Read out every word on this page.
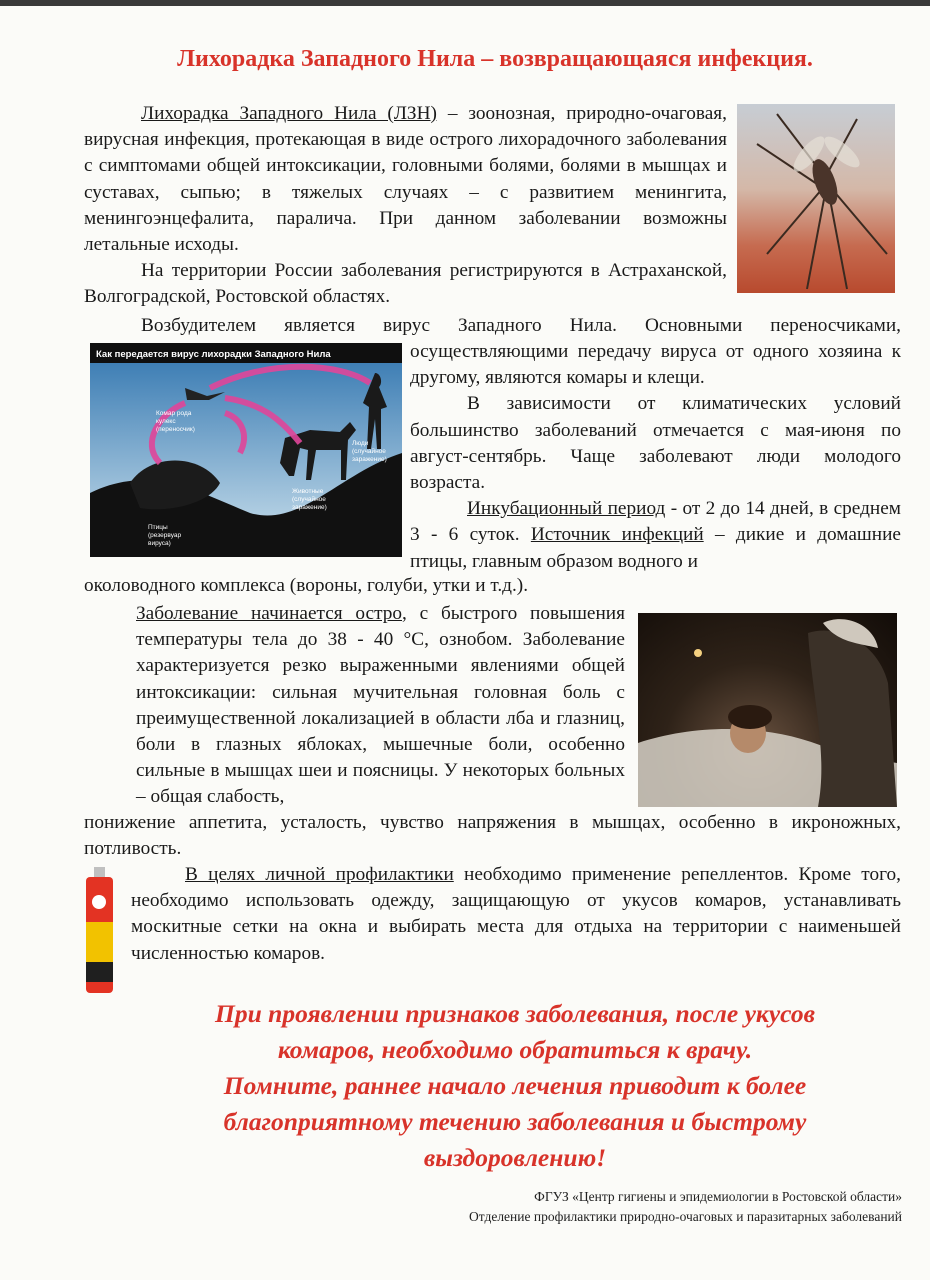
Лихорадка Западного Нила – возвращающаяся инфекция.
Как передается вирус лихорадки Западного Нила
Комар рода
кулекс
(переносчик)
Люди
(случайное
заражение)
Животные
(случайное
заражение)
Птицы
(резервуар
вируса)

Лихорадка Западного Нила (ЛЗН) – зоонозная, природно-очаговая, вирусная инфекция, протекающая в виде острого лихорадочного заболевания с симптомами общей интоксикации, головными болями, болями в мышцах и суставах, сыпью; в тяжелых случаях – с развитием менингита, менингоэнцефалита, паралича. При данном заболевании возможны летальные исходы.

На территории России заболевания регистрируются в Астраханской, Волгоградской, Ростовской областях.

Возбудителем является вирус Западного Нила. Основными переносчиками,

осуществляющими передачу вируса от одного хозяина к другому, являются комары и клещи.

В зависимости от климатических условий большинство заболеваний отмечается с мая-июня по август-сентябрь. Чаще заболевают люди молодого возраста.

Инкубационный период - от 2 до 14 дней, в среднем 3 - 6 суток. Источник инфекций – дикие и домашние птицы, главным образом водного и

околоводного комплекса (вороны, голуби, утки и т.д.).

Заболевание начинается остро, с быстрого повышения температуры тела до 38 - 40 °С, ознобом. Заболевание характеризуется резко выраженными явлениями общей интоксикации: сильная мучительная головная боль с преимущественной локализацией в области лба и глазниц, боли в глазных яблоках, мышечные боли, особенно сильные в мышцах шеи и поясницы. У некоторых больных – общая слабость,

понижение аппетита, усталость, чувство напряжения в мышцах, особенно в икроножных, потливость.

В целях личной профилактики необходимо применение репеллентов. Кроме того, необходимо использовать одежду, защищающую от укусов комаров, устанавливать москитные сетки на окна и выбирать места для отдыха на территории с наименьшей численностью комаров.

При проявлении признаков заболевания, после укусов
комаров, необходимо обратиться к врачу.
Помните, раннее начало лечения приводит к более
благоприятному течению заболевания и быстрому
выздоровлению!
ФГУЗ «Центр гигиены и эпидемиологии в Ростовской области»
Отделение профилактики природно-очаговых и паразитарных заболеваний
